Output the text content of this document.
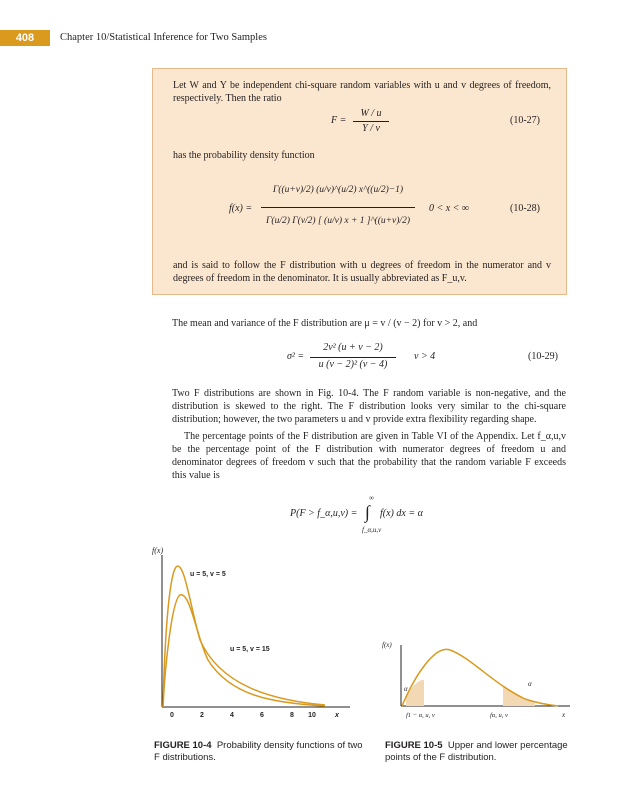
408	Chapter 10/Statistical Inference for Two Samples

Let W and Y be independent chi-square random variables with u and v degrees of freedom, respectively. Then the ratio

F =
W / u
Y / v
(10-27)

has the probability density function

f(x) =
Γ((u+v)/2) (u/v)^(u/2) x^((u/2)−1)
Γ(u/2) Γ(v/2) [ (u/v) x + 1 ]^((u+v)/2)
0 < x < ∞	(10-28)

and is said to follow the F distribution with u degrees of freedom in the numerator and v degrees of freedom in the denominator. It is usually abbreviated as F_u,v.

The mean and variance of the F distribution are μ = v / (v − 2) for v > 2, and
σ² =
2v² (u + v − 2)
u (v − 2)² (v − 4)
v > 4	(10-29)
Two F distributions are shown in Fig. 10-4. The F random variable is non-negative, and the distribution is skewed to the right. The F distribution looks very similar to the chi-square distribution; however, the two parameters u and v provide extra flexibility regarding shape.
The percentage points of the F distribution are given in Table VI of the Appendix. Let f_α,u,v be the percentage point of the F distribution with numerator degrees of freedom u and denominator degrees of freedom v such that the probability that the random variable F exceeds this value is
P(F > f_α,u,v) = ∫
∞
f_α,u,v
f(x) dx = α
0	2	4	6	8 10	x
f(x)
u = 5, v = 5
u = 5, v = 15
f(x)
α
α
f1 − α, u, v	fα, u, v	x
FIGURE 10-4 Probability density functions of two F distributions.
FIGURE 10-5 Upper and lower percentage points of the F distribution.
